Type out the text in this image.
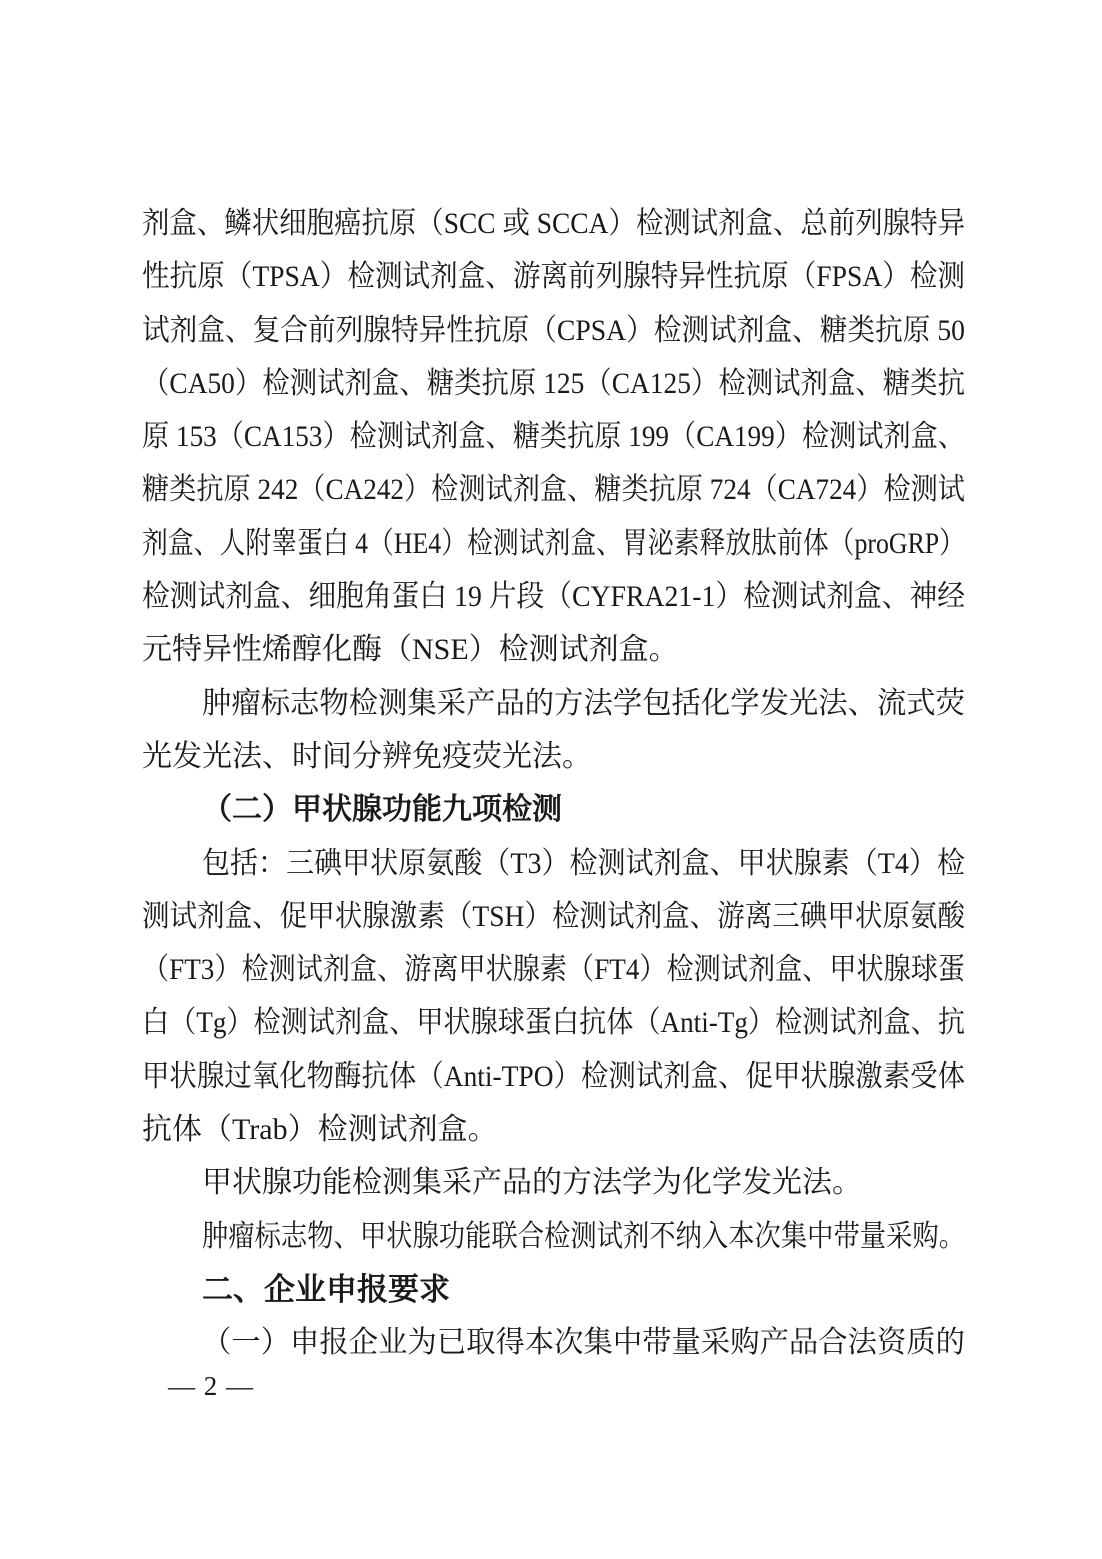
剂盒、鳞状细胞癌抗原（SCC 或 SCCA）检测试剂盒、总前列腺特异
性抗原（TPSA）检测试剂盒、游离前列腺特异性抗原（FPSA）检测
试剂盒、复合前列腺特异性抗原（CPSA）检测试剂盒、糖类抗原 50
（CA50）检测试剂盒、糖类抗原 125（CA125）检测试剂盒、糖类抗
原 153（CA153）检测试剂盒、糖类抗原 199（CA199）检测试剂盒、
糖类抗原 242（CA242）检测试剂盒、糖类抗原 724（CA724）检测试
剂盒、人附睾蛋白 4（HE4）检测试剂盒、胃泌素释放肽前体（proGRP）
检测试剂盒、细胞角蛋白 19 片段（CYFRA21-1）检测试剂盒、神经
元特异性烯醇化酶（NSE）检测试剂盒。
肿瘤标志物检测集采产品的方法学包括化学发光法、流式荧
光发光法、时间分辨免疫荧光法。
（二）甲状腺功能九项检测
包括：三碘甲状原氨酸（T3）检测试剂盒、甲状腺素（T4）检
测试剂盒、促甲状腺激素（TSH）检测试剂盒、游离三碘甲状原氨酸
（FT3）检测试剂盒、游离甲状腺素（FT4）检测试剂盒、甲状腺球蛋
白（Tg）检测试剂盒、甲状腺球蛋白抗体（Anti-Tg）检测试剂盒、抗
甲状腺过氧化物酶抗体（Anti-TPO）检测试剂盒、促甲状腺激素受体
抗体（Trab）检测试剂盒。
甲状腺功能检测集采产品的方法学为化学发光法。
肿瘤标志物、甲状腺功能联合检测试剂不纳入本次集中带量采购。
二、企业申报要求
（一）申报企业为已取得本次集中带量采购产品合法资质的
— 2 —
